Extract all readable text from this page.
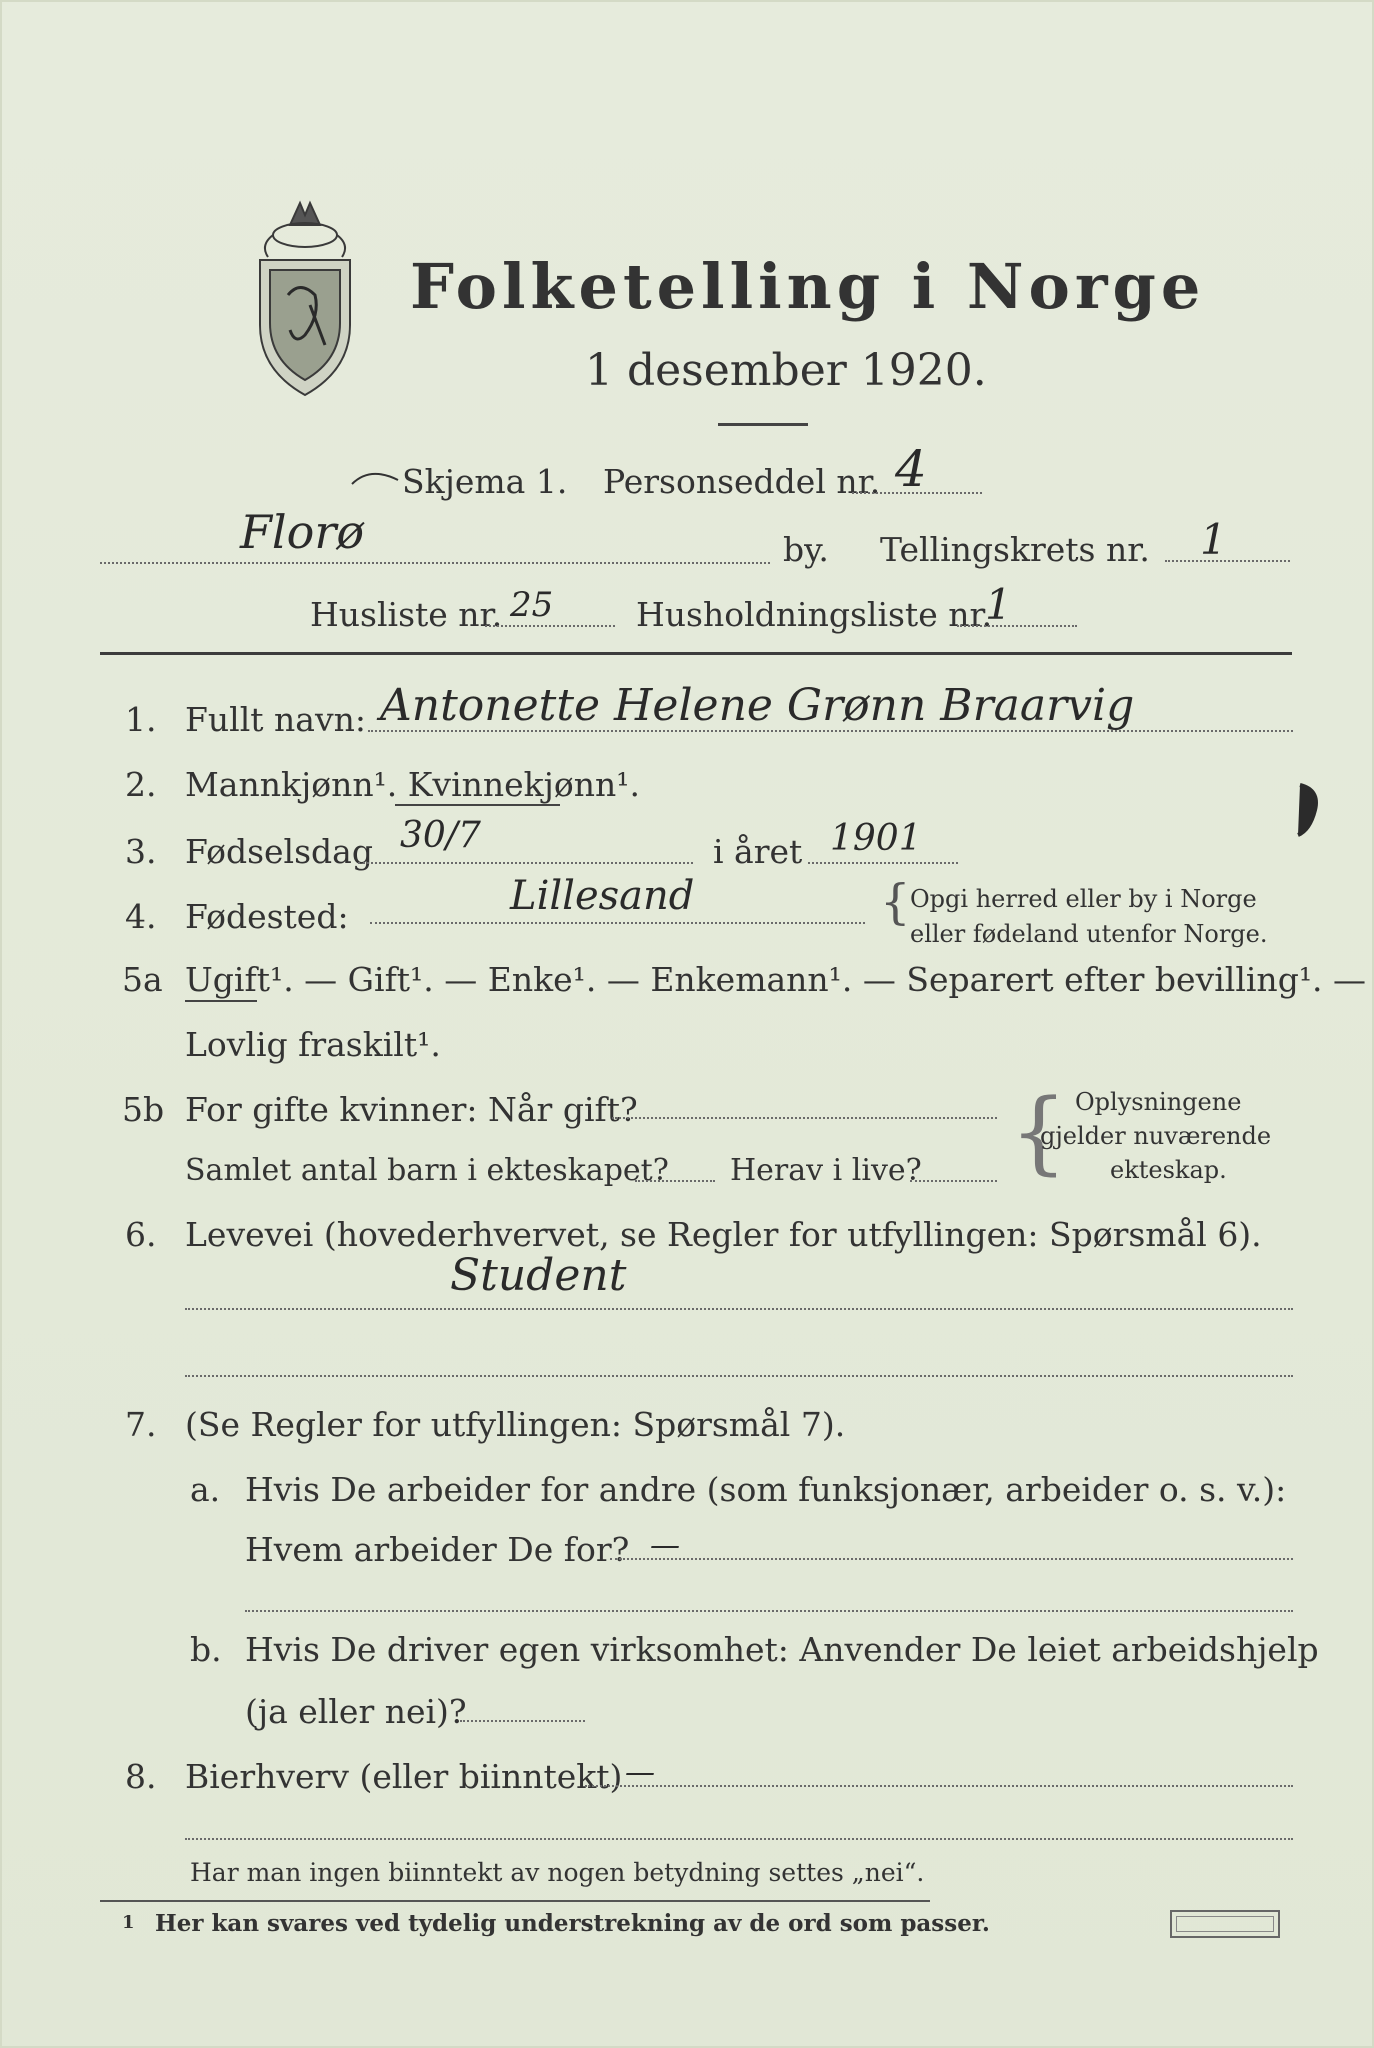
Folketelling i Norge
1 desember 1920.
Skjema 1. Personseddel nr. 4
Florø	by. Tellingskrets nr. 1
Husliste nr. 25	Husholdningsliste nr.
1
1. Fullt navn: Antonette Helene Grønn Braarvig
2. Mannkjønn¹. Kvinnekjønn¹.
3. Fødselsdag 30/7	i året 1901
4. Fødested:	Lillesand	{ Opgi herred eller by i Norge
eller fødeland utenfor Norge.
5a Ugift¹. — Gift¹. — Enke¹. — Enkemann¹. — Separert efter bevilling¹. —
Lovlig fraskilt¹.
5b For gifte kvinner: Når gift?
Samlet antal barn i ekteskapet? Herav i live? { Oplysningene
gjelder nuværende
ekteskap.
6. Levevei (hovederhvervet, se Regler for utfyllingen: Spørsmål 6).
Student
7. (Se Regler for utfyllingen: Spørsmål 7).
a. Hvis De arbeider for andre (som funksjonær, arbeider o. s. v.):
Hvem arbeider De for? —
b. Hvis De driver egen virksomhet: Anvender De leiet arbeidshjelp
(ja eller nei)?
8. Bierhverv (eller biinntekt) —
Har man ingen biinntekt av nogen betydning settes „nei“.
1 Her kan svares ved tydelig understrekning av de ord som passer.
